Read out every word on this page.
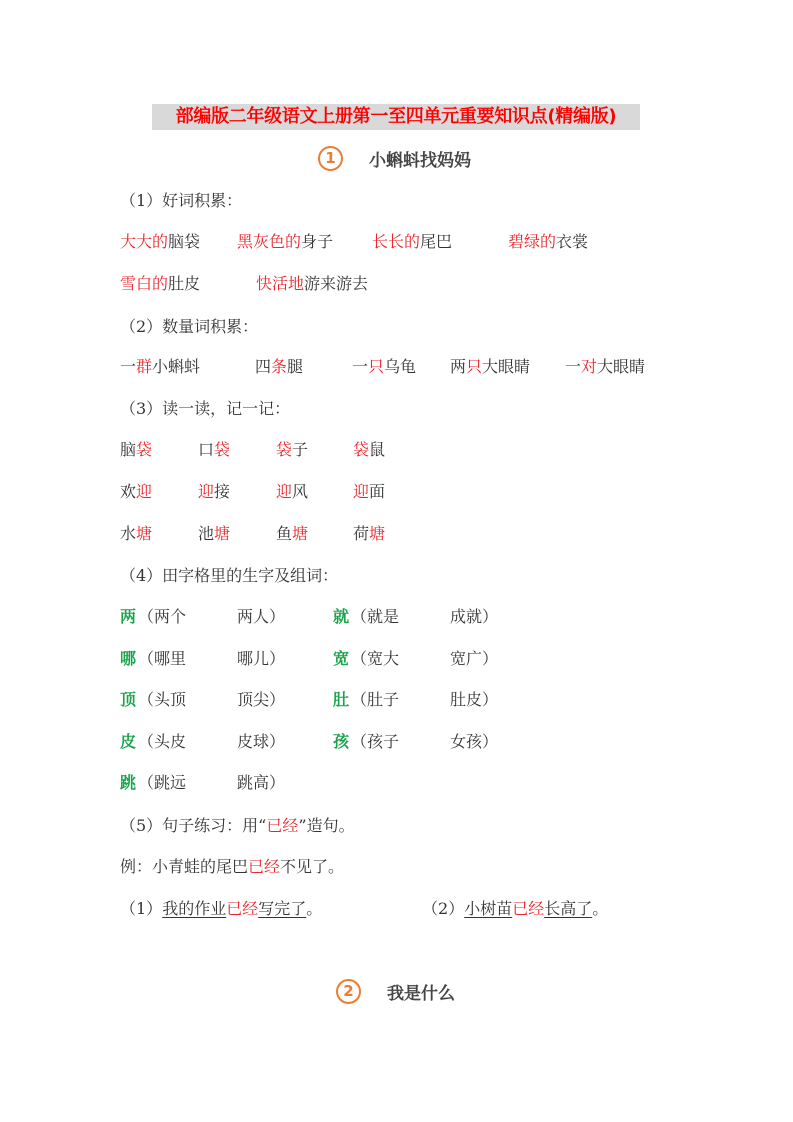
部编版二年级语文上册第一至四单元重要知识点(精编版)
1	小蝌蚪找妈妈
（1）好词积累：
大大的脑袋 黑灰色的身子 长长的尾巴	碧绿的衣裳
雪白的肚皮	快活地游来游去
（2）数量词积累：
一群小蝌蚪	四条腿	一只乌龟 两只大眼睛 一对大眼睛
（3）读一读，记一记：
脑袋	口袋	袋子	袋鼠
欢迎	迎接	迎风	迎面
水塘	池塘	鱼塘	荷塘
（4）田字格里的生字及组词：
两 （两个	两人）	就 （就是	成就）
哪 （哪里	哪儿）	宽 （宽大	宽广）
顶 （头顶	顶尖）	肚 （肚子	肚皮）
皮 （头皮	皮球）	孩 （孩子	女孩）
跳 （跳远	跳高）
（5）句子练习：用“已经”造句。
例：小青蛙的尾巴已经不见了。
（1）我的作业已经写完了。	（2）小树苗已经长高了。
2	我是什么
